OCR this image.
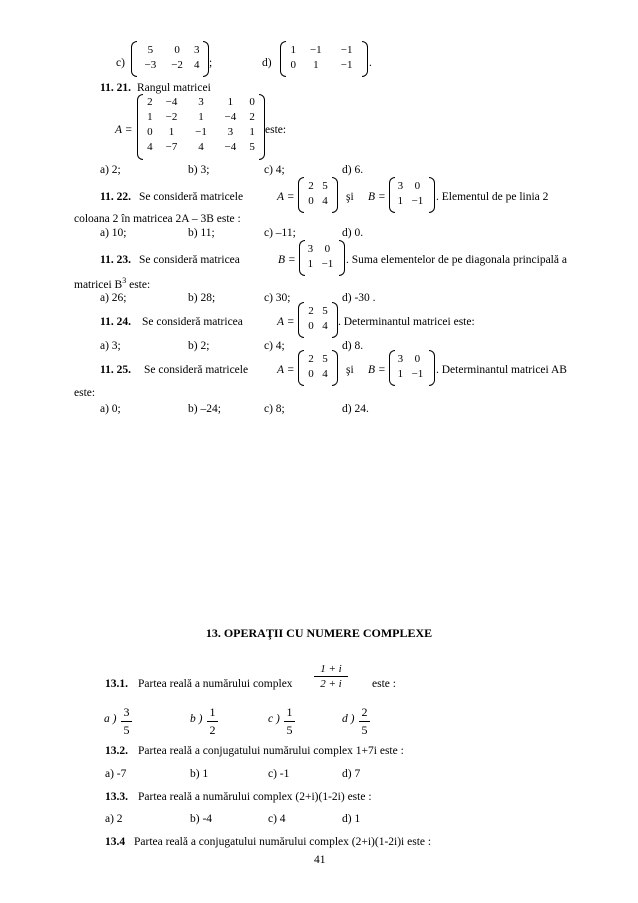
c)
5	0	3
−3	−2	4 ;	d)
1	−1	−1
0	1	−1 .
11. 21. Rangul matricei
A =
2	−4	3	1	0
1	−2	1	−4	2
0	1	−1	3	1
4	−7	4	−4	5
este:
a) 2;	b) 3;	c) 4;	d) 6.
11. 22. Se consideră matricele	A =
2	5
0	4 şi B =
3	0
1	−1 . Elementul de pe linia 2
coloana 2 în matricea 2A – 3B este :
a) 10;	b) 11;	c) –11;	d) 0.
11. 23. Se consideră matricea	B =
3	0
1	−1 . Suma elementelor de pe diagonala principală a
matricei $B^3$ este:
a) 26;	b) 28;	c) 30;	d) -30 .
11. 24. Se consideră matricea	A =
2	5
0	4 . Determinantul matricei este:
a) 3;	b) 2;	c) 4;	d) 8.
11. 25. Se consideră matricele	A =
2	5
0	4 şi B =
3	0
1	−1 . Determinantul matricei AB
este:
a) 0;	b) –24;	c) 8;	d) 24.
13. OPERAŢII CU NUMERE COMPLEXE
13.1. Partea reală a numărului complex $\frac{1 + i}{2 + i}$ este :
a ) $\frac{3}{5}$	b ) $\frac{1}{2}$	c ) $\frac{1}{5}$	d ) $\frac{2}{5}$
13.2. Partea reală a conjugatului numărului complex 1+7i este :
a) -7	b) 1	c) -1	d) 7
13.3. Partea reală a numărului complex (2+i)(1-2i) este :
a) 2	b) -4	c) 4	d) 1
13.4 Partea reală a conjugatului numărului complex (2+i)(1-2i)i este :
41
